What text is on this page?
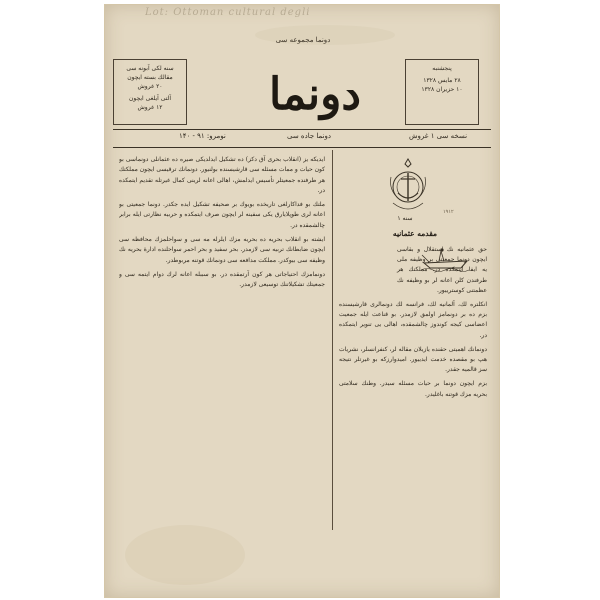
Lot: Ottoman cultural degli
دونما مجموعه سی
سنه لكى آبونه سى
مقالك بسته ايچون
۲۰ غروش
آلتى آيلغى ايچون
۱۲ غروش	دونما
پنجشنبه
۲۸ مايس ۱۳۲۸
۱۰ حزيران ۱۳۲۸
نومرو: ۹۱ - ۱۴۰	دونما جاده سی	نسخه سى ١ غروش

ايديكه يز (انقلاب بحرى آق دكز) ده تشكيل ايدلديكى صيره ده عثمانلى دونماسى بو كون حيات و ممات مسئله سى قارشيسنده بولنيور. دونمانك ترقيسى ايچون مملكتك هر طرفنده جمعيتلر تأسيس ايدلمش، اهالى اعانه لرينى كمال غيرتله تقديم ايتمكده در.

ملتك بو فداكارلغى تاريخده بويوك بر صحيفه تشكيل ايده جكدر. دونما جمعيتى بو اعانه لرى طوپلايارق يكى سفينه لر ايچون صرف ايتمكده و حربيه نظارتى ايله برابر چالشمقده در.

ايشته بو انقلاب بحريه ده بحريه مزك ايلرله مه سى و سواحلمزك محافظه سى ايچون ضابطانك تربيه سى لازمدر. بحر سفيد و بحر احمر سواحلنده ادارهٔ بحريه نك وظيفه سى بيوكدر. مملكت مدافعه سى دونمانك قوتنه مربوطدر.

دونمامزك احتياجاتى هر كون آرتمقده در. بو سببله اعانه لرك دوام ايتمه سى و جمعيتك تشكيلاتنك توسيعى لازمدر.

۱۹۱۲
سنه ١
مقدمه عثمانيه

حق عثمانيه نك استقلال و بقاسى ايچون دونما جمعيتى بر وظيفه ملى يه ايفا ايتمكده در. مملكتك هر طرفندن كلن اعانه لر بو وظيفه نك عظمتنى كوسترييور.

انكلتره لك، آلمانيه لك، فرانسه لك دونمالرى قارشيسنده بزم ده بر دونمامز اولمق لازمدر. بو قناعت ايله جمعيت اعضاسى كيجه كوندوز چالشمقده، اهالى يى تنوير ايتمكده در.

دونمانك اهميتى حقنده يازيلان مقاله لر، كنفرانسلر، نشريات هپ بو مقصده خدمت ايدييور. اميدوارزكه بو غيرتلر نتيجه سز قالميه جقدر.

بزم ايچون دونما بر حيات مسئله سيدر. وطنك سلامتى بحريه مزك قوتنه باغليدر.
